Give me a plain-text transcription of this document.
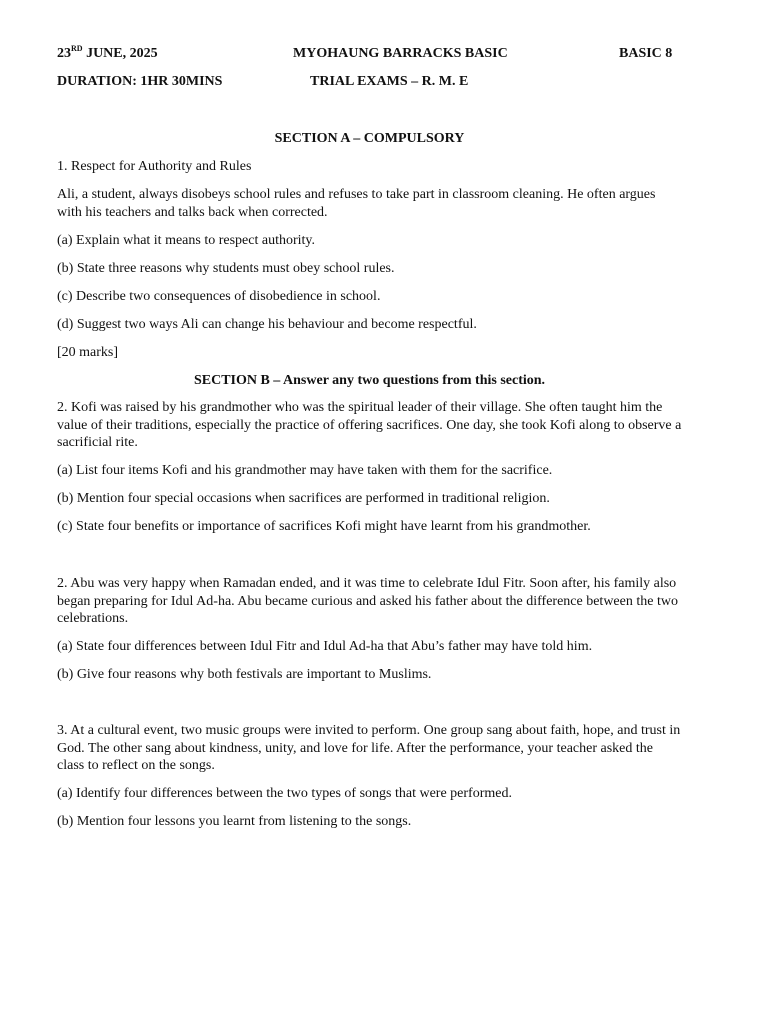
23RD JUNE, 2025	MYOHAUNG BARRACKS BASIC	BASIC 8
DURATION: 1HR 30MINS	TRIAL EXAMS – R. M. E

SECTION A – COMPULSORY

1. Respect for Authority and Rules

Ali, a student, always disobeys school rules and refuses to take part in classroom cleaning. He often argues with his teachers and talks back when corrected.

(a) Explain what it means to respect authority.

(b) State three reasons why students must obey school rules.

(c) Describe two consequences of disobedience in school.

(d) Suggest two ways Ali can change his behaviour and become respectful.

[20 marks]

SECTION B – Answer any two questions from this section.

2. Kofi was raised by his grandmother who was the spiritual leader of their village. She often taught him the value of their traditions, especially the practice of offering sacrifices. One day, she took Kofi along to observe a sacrificial rite.

(a) List four items Kofi and his grandmother may have taken with them for the sacrifice.

(b) Mention four special occasions when sacrifices are performed in traditional religion.

(c) State four benefits or importance of sacrifices Kofi might have learnt from his grandmother.

2. Abu was very happy when Ramadan ended, and it was time to celebrate Idul Fitr. Soon after, his family also began preparing for Idul Ad-ha. Abu became curious and asked his father about the difference between the two celebrations.

(a) State four differences between Idul Fitr and Idul Ad-ha that Abu’s father may have told him.

(b) Give four reasons why both festivals are important to Muslims.

3. At a cultural event, two music groups were invited to perform. One group sang about faith, hope, and trust in God. The other sang about kindness, unity, and love for life. After the performance, your teacher asked the class to reflect on the songs.

(a) Identify four differences between the two types of songs that were performed.

(b) Mention four lessons you learnt from listening to the songs.
